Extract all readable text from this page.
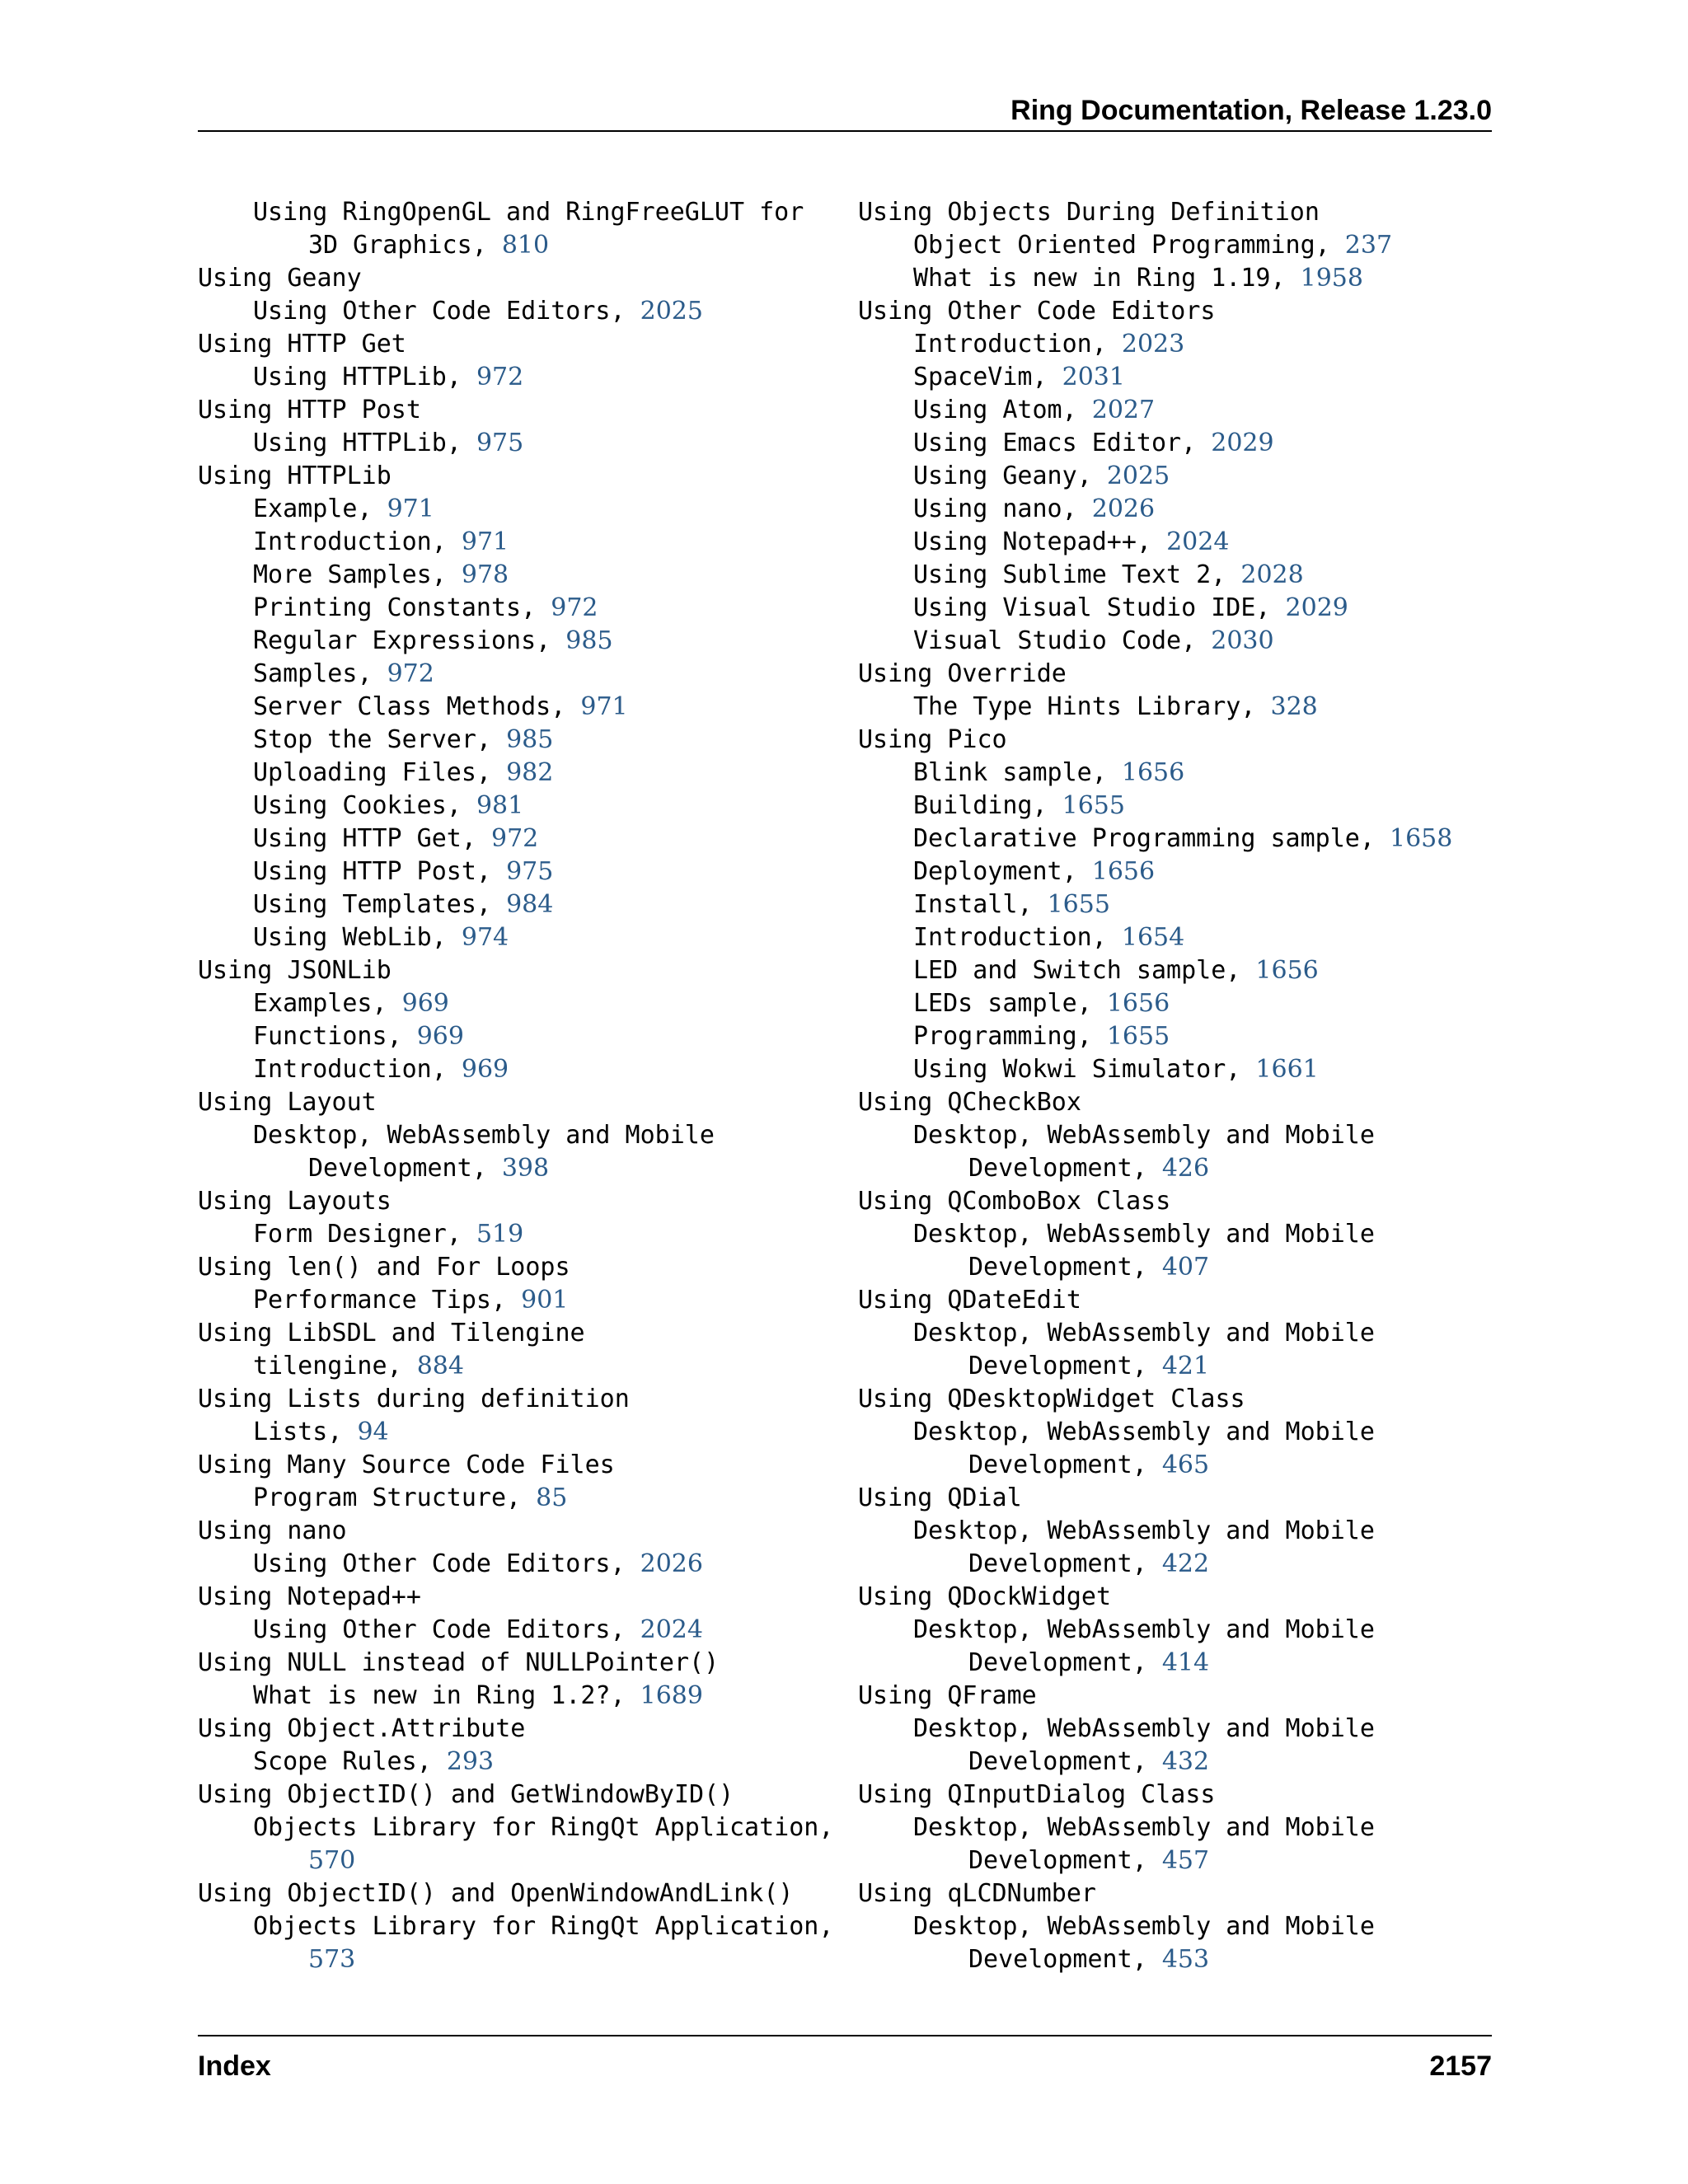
Ring Documentation, Release 1.23.0
Using RingOpenGL and RingFreeGLUT for
3D Graphics, 810
Using Geany
Using Other Code Editors, 2025
Using HTTP Get
Using HTTPLib, 972
Using HTTP Post
Using HTTPLib, 975
Using HTTPLib
Example, 971
Introduction, 971
More Samples, 978
Printing Constants, 972
Regular Expressions, 985
Samples, 972
Server Class Methods, 971
Stop the Server, 985
Uploading Files, 982
Using Cookies, 981
Using HTTP Get, 972
Using HTTP Post, 975
Using Templates, 984
Using WebLib, 974
Using JSONLib
Examples, 969
Functions, 969
Introduction, 969
Using Layout
Desktop, WebAssembly and Mobile
Development, 398
Using Layouts
Form Designer, 519
Using len() and For Loops
Performance Tips, 901
Using LibSDL and Tilengine
tilengine, 884
Using Lists during definition
Lists, 94
Using Many Source Code Files
Program Structure, 85
Using nano
Using Other Code Editors, 2026
Using Notepad++
Using Other Code Editors, 2024
Using NULL instead of NULLPointer()
What is new in Ring 1.2?, 1689
Using Object.Attribute
Scope Rules, 293
Using ObjectID() and GetWindowByID()
Objects Library for RingQt Application,
570
Using ObjectID() and OpenWindowAndLink()
Objects Library for RingQt Application,
573
Using Objects During Definition
Object Oriented Programming, 237
What is new in Ring 1.19, 1958
Using Other Code Editors
Introduction, 2023
SpaceVim, 2031
Using Atom, 2027
Using Emacs Editor, 2029
Using Geany, 2025
Using nano, 2026
Using Notepad++, 2024
Using Sublime Text 2, 2028
Using Visual Studio IDE, 2029
Visual Studio Code, 2030
Using Override
The Type Hints Library, 328
Using Pico
Blink sample, 1656
Building, 1655
Declarative Programming sample, 1658
Deployment, 1656
Install, 1655
Introduction, 1654
LED and Switch sample, 1656
LEDs sample, 1656
Programming, 1655
Using Wokwi Simulator, 1661
Using QCheckBox
Desktop, WebAssembly and Mobile
Development, 426
Using QComboBox Class
Desktop, WebAssembly and Mobile
Development, 407
Using QDateEdit
Desktop, WebAssembly and Mobile
Development, 421
Using QDesktopWidget Class
Desktop, WebAssembly and Mobile
Development, 465
Using QDial
Desktop, WebAssembly and Mobile
Development, 422
Using QDockWidget
Desktop, WebAssembly and Mobile
Development, 414
Using QFrame
Desktop, WebAssembly and Mobile
Development, 432
Using QInputDialog Class
Desktop, WebAssembly and Mobile
Development, 457
Using qLCDNumber
Desktop, WebAssembly and Mobile
Development, 453
Index	2157
